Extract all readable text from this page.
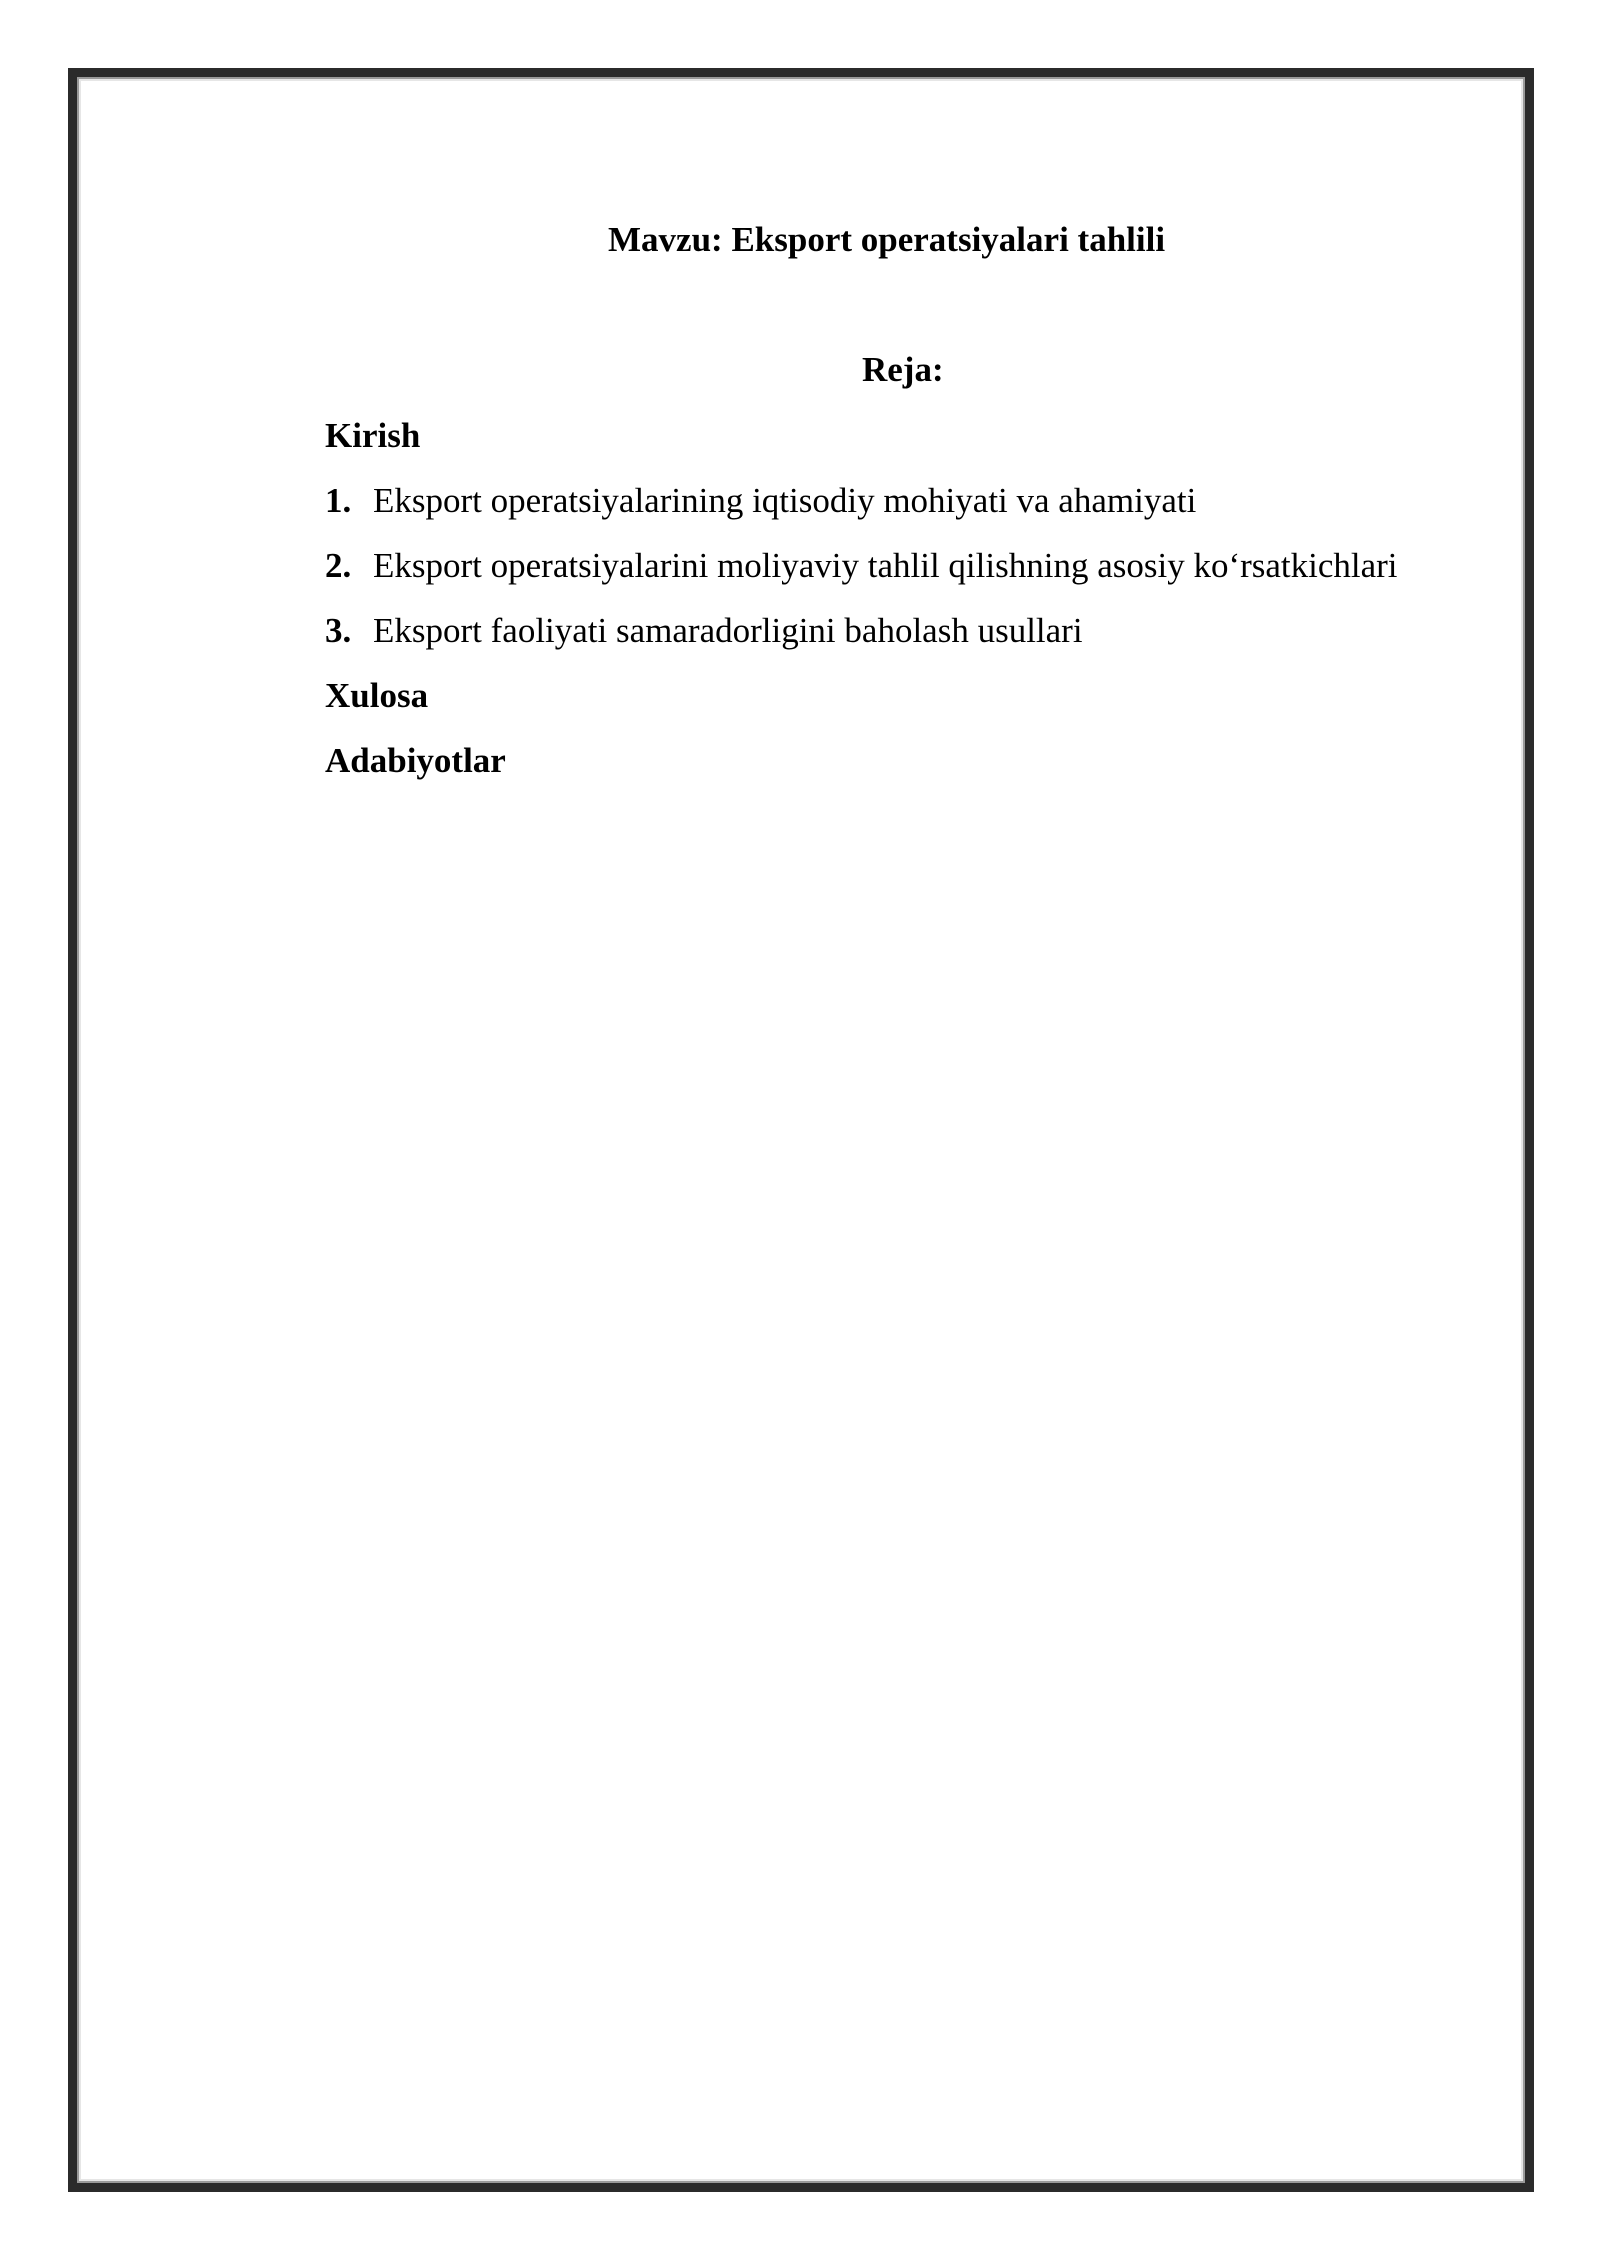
Mavzu: Eksport operatsiyalari tahlili
Reja:
Kirish
1. Eksport operatsiyalarining iqtisodiy mohiyati va ahamiyati
2. Eksport operatsiyalarini moliyaviy tahlil qilishning asosiy ko‘rsatkichlari
3. Eksport faoliyati samaradorligini baholash usullari
Xulosa
Adabiyotlar
